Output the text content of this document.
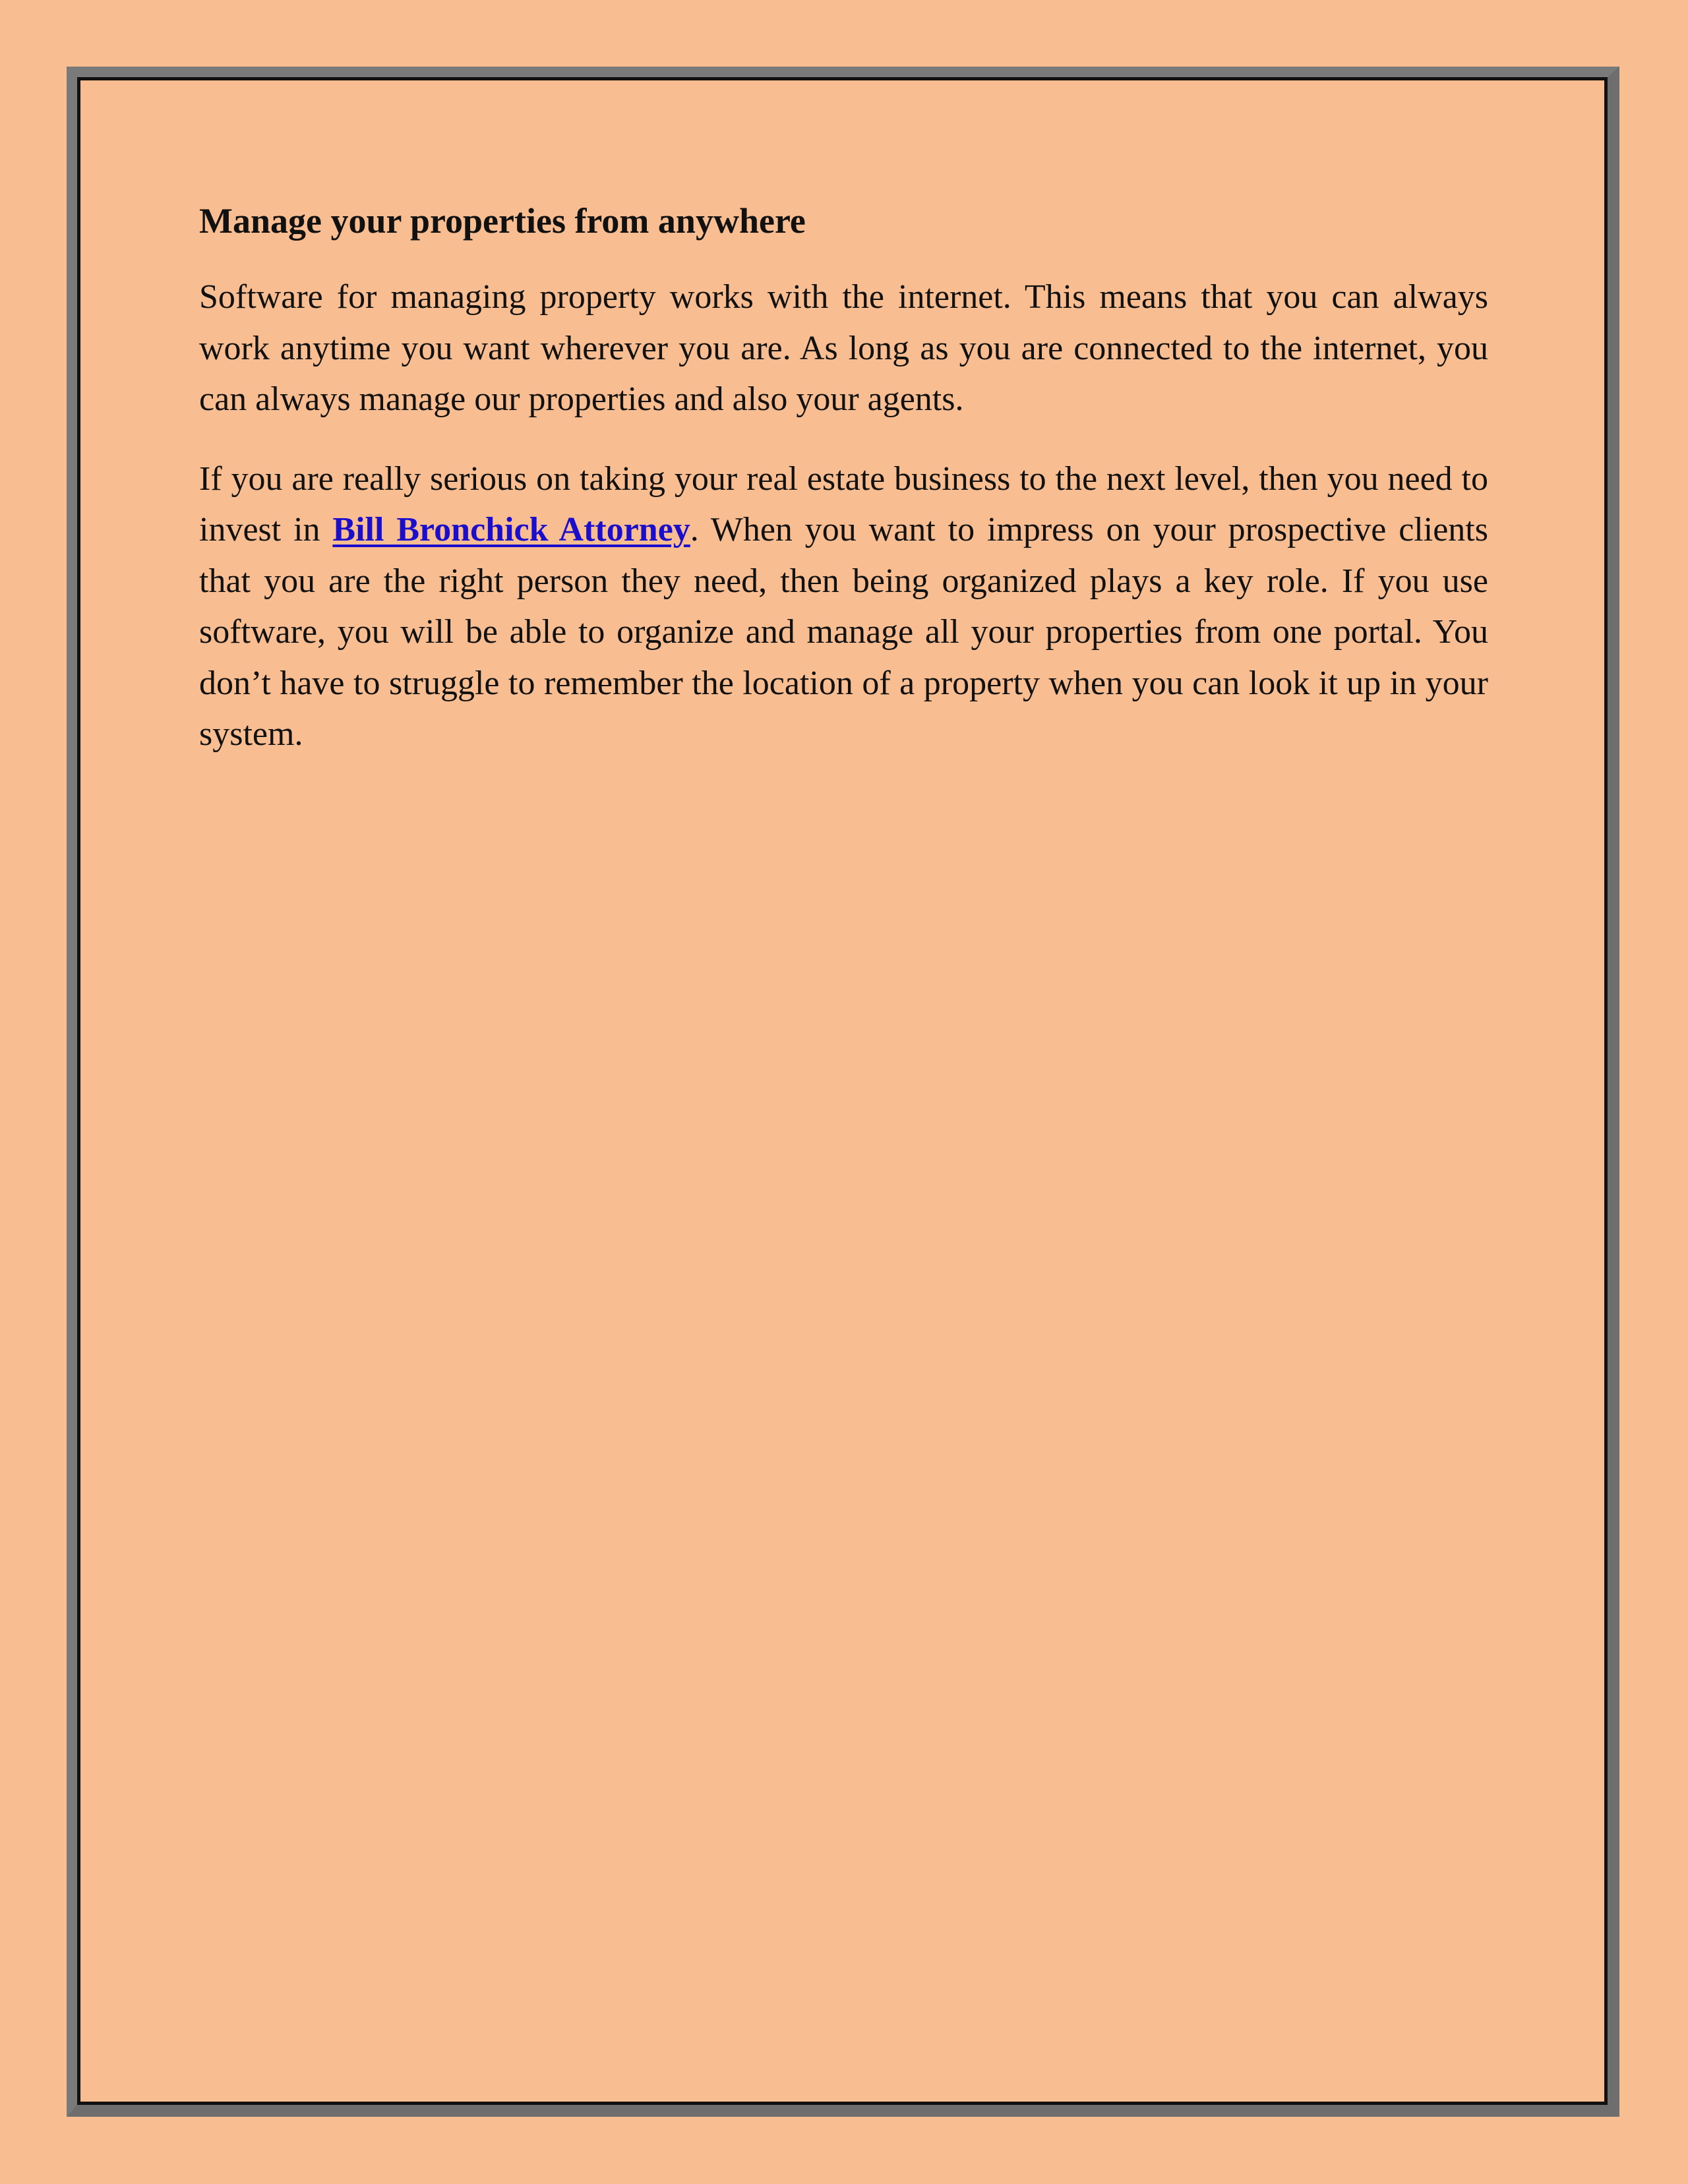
Manage your properties from anywhere

Software for managing property works with the internet. This means that you can always work anytime you want wherever you are. As long as you are connected to the internet, you can always manage our properties and also your agents.

If you are really serious on taking your real estate business to the next level, then you need to invest in Bill Bronchick Attorney. When you want to impress on your prospective clients that you are the right person they need, then being organized plays a key role. If you use software, you will be able to organize and manage all your properties from one portal. You don’t have to struggle to remember the location of a property when you can look it up in your system.
